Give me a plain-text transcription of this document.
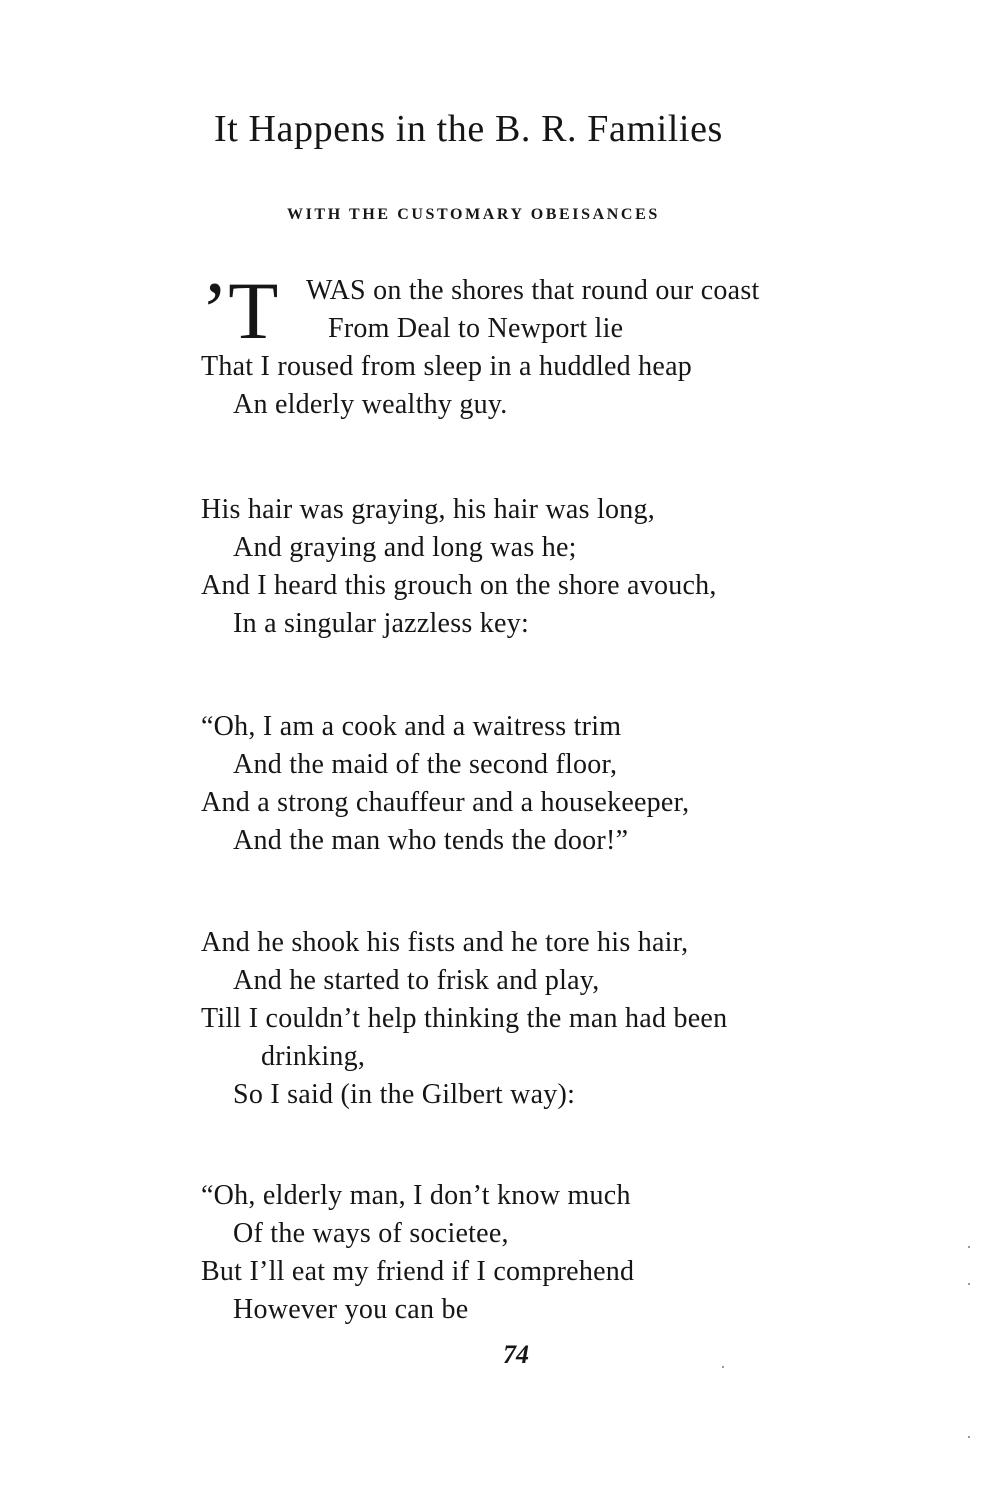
It Happens in the B. R. Families
WITH THE CUSTOMARY OBEISANCES
’T WAS on the shores that round our coast
From Deal to Newport lie
That I roused from sleep in a huddled heap
An elderly wealthy guy.
His hair was graying, his hair was long,
And graying and long was he;
And I heard this grouch on the shore avouch,
In a singular jazzless key:
“Oh, I am a cook and a waitress trim
And the maid of the second floor,
And a strong chauffeur and a housekeeper,
And the man who tends the door!”
And he shook his fists and he tore his hair,
And he started to frisk and play,
Till I couldn’t help thinking the man had been
drinking,
So I said (in the Gilbert way):
“Oh, elderly man, I don’t know much
Of the ways of societee,
But I’ll eat my friend if I comprehend
However you can be
74
